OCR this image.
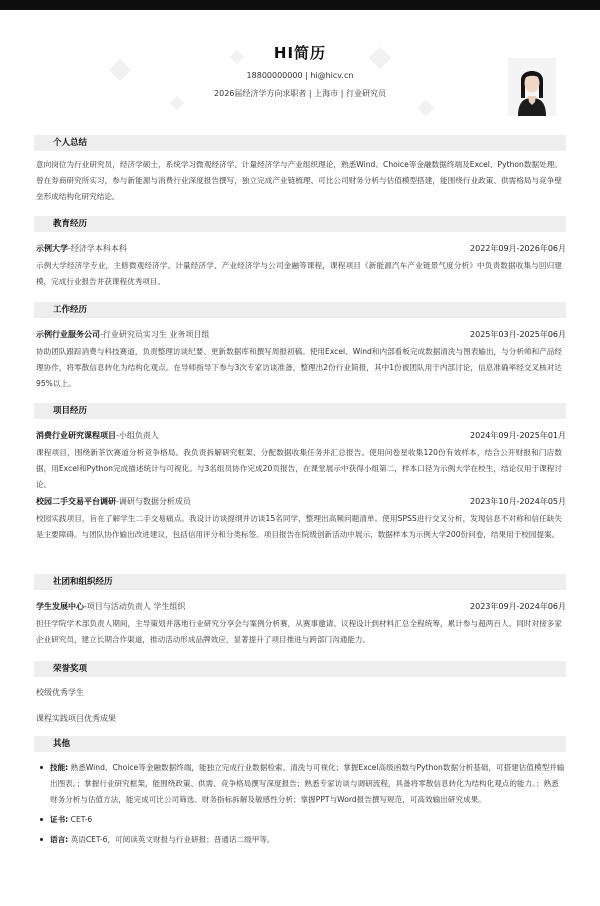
HI简历
18800000000 | hi@hicv.cn
2026届经济学方向求职者 | 上海市 | 行业研究员
个人总结
意向岗位为行业研究员，经济学硕士，系统学习微观经济学、计量经济学与产业组织理论，熟悉Wind、Choice等金融数据终端及Excel、Python数据处理。曾在券商研究所实习，参与新能源与消费行业深度报告撰写，独立完成产业链梳理、可比公司财务分析与估值模型搭建，能围绕行业政策、供需格局与竞争壁垒形成结构化研究结论。
教育经历
示例大学-经济学本科本科	2022年09月-2026年06月
示例大学经济学专业，主修微观经济学、计量经济学、产业经济学与公司金融等课程，课程项目《新能源汽车产业链景气度分析》中负责数据收集与回归建模，完成行业报告并获课程优秀项目。
工作经历
示例行业服务公司-行业研究员实习生 业务项目组	2025年03月-2025年06月
协助团队跟踪消费与科技赛道，负责整理访谈纪要、更新数据库和撰写周报初稿。使用Excel、Wind和内部看板完成数据清洗与图表输出，与分析师和产品经理协作，将零散信息转化为结构化观点。在导师指导下参与3次专家访谈准备，整理出2份行业简报，其中1份被团队用于内部讨论，信息准确率经交叉核对达95%以上。
项目经历
消费行业研究课程项目-小组负责人	2024年09月-2025年01月
课程项目，围绕新茶饮赛道分析竞争格局。我负责拆解研究框架、分配数据收集任务并汇总报告。使用问卷星收集120份有效样本，结合公开财报和门店数据，用Excel和Python完成描述统计与可视化。与3名组员协作完成20页报告，在课堂展示中获得小组第二，样本口径为示例大学在校生，结论仅用于课程讨论。
校园二手交易平台调研-调研与数据分析成员	2023年10月-2024年05月
校园实践项目，旨在了解学生二手交易痛点。我设计访谈提纲并访谈15名同学，整理出高频问题清单。使用SPSS进行交叉分析，发现信息不对称和信任缺失是主要障碍。与团队协作输出改进建议，包括信用评分和分类标签。项目报告在院级创新活动中展示，数据样本为示例大学200份问卷，结果用于校园提案。
社团和组织经历
学生发展中心-项目与活动负责人 学生组织	2023年09月-2024年06月
担任学院学术部负责人期间，主导策划并落地行业研究分享会与案例分析赛，从赛事邀请、议程设计到材料汇总全程统筹，累计参与超两百人。同时对接多家企业研究员，建立长期合作渠道，推动活动形成品牌效应，显著提升了项目推进与跨部门沟通能力。
荣誉奖项
校级优秀学生
课程实践项目优秀成果
其他
技能: 熟悉Wind、Choice等金融数据终端，能独立完成行业数据检索、清洗与可视化；掌握Excel高级函数与Python数据分析基础，可搭建估值模型并输出图表。；掌握行业研究框架，能围绕政策、供需、竞争格局撰写深度报告；熟悉专家访谈与调研流程，具备将零散信息转化为结构化观点的能力。；熟悉财务分析与估值方法，能完成可比公司筛选、财务指标拆解及敏感性分析；掌握PPT与Word报告撰写规范，可高效输出研究成果。
证书: CET-6
语言: 英语CET-6，可阅读英文财报与行业研报；普通话二级甲等。
